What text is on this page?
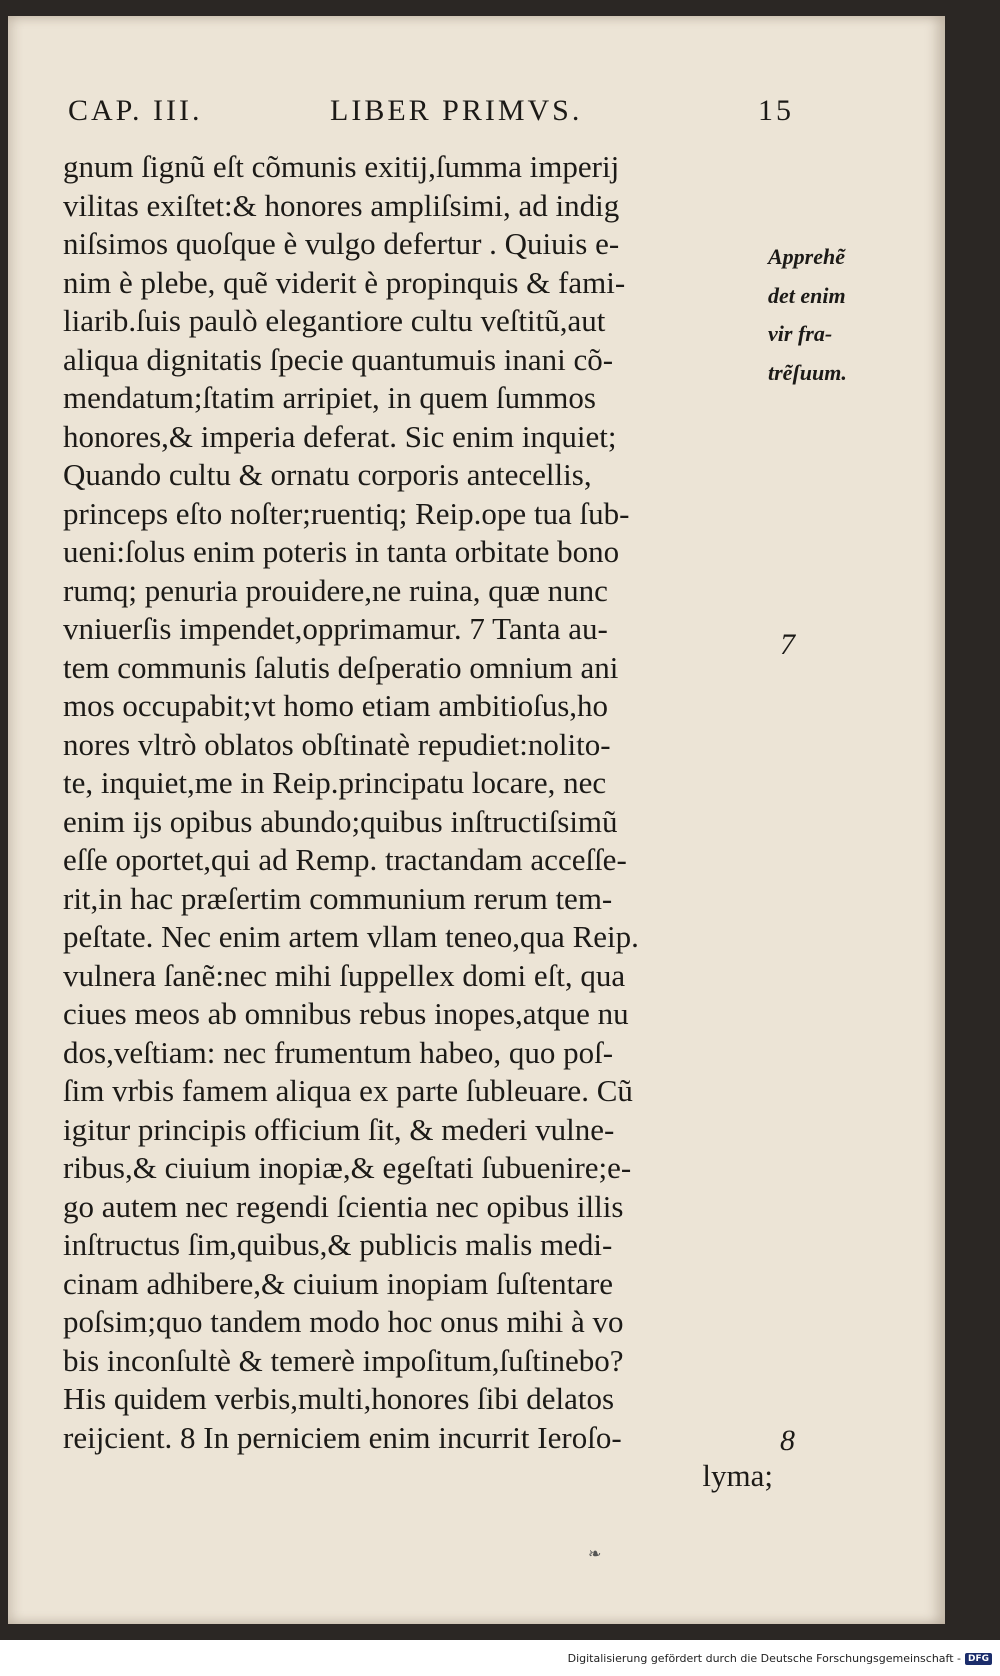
CAP. III.	LIBER PRIMVS.	15
gnum ſignũ eſt cõmunis exitij,ſumma imperij
vilitas exiſtet:& honores ampliſsimi, ad indig
niſsimos quoſque è vulgo defertur . Quiuis e-
nim è plebe, quẽ viderit è propinquis & fami-
liarib.ſuis paulò elegantiore cultu veſtitũ,aut
aliqua dignitatis ſpecie quantumuis inani cõ-
mendatum;ſtatim arripiet, in quem ſummos
honores,& imperia deferat. Sic enim inquiet;
Quando cultu & ornatu corporis antecellis,
princeps eſto noſter;ruentiq; Reip.ope tua ſub-
ueni:ſolus enim poteris in tanta orbitate bono
rumq; penuria prouidere,ne ruina, quæ nunc
vniuerſis impendet,opprimamur. 7 Tanta au-
tem communis ſalutis deſperatio omnium ani
mos occupabit;vt homo etiam ambitioſus,ho
nores vltrò oblatos obſtinatè repudiet:nolito-
te, inquiet,me in Reip.principatu locare, nec
enim ijs opibus abundo;quibus inſtructiſsimũ
eſſe oportet,qui ad Remp. tractandam acceſſe-
rit,in hac præſertim communium rerum tem-
peſtate. Nec enim artem vllam teneo,qua Reip.
vulnera ſanẽ:nec mihi ſuppellex domi eſt, qua
ciues meos ab omnibus rebus inopes,atque nu
dos,veſtiam: nec frumentum habeo, quo poſ-
ſim vrbis famem aliqua ex parte ſubleuare. Cũ
igitur principis officium ſit, & mederi vulne-
ribus,& ciuium inopiæ,& egeſtati ſubuenire;e-
go autem nec regendi ſcientia nec opibus illis
inſtructus ſim,quibus,& publicis malis medi-
cinam adhibere,& ciuium inopiam ſuſtentare
poſsim;quo tandem modo hoc onus mihi à vo
bis inconſultè & temerè impoſitum,ſuſtinebo?
His quidem verbis,multi,honores ſibi delatos
reijcient. 8 In perniciem enim incurrit Ieroſo-
lyma;
Apprehẽ
det enim
vir fra-
trẽſuum.
7
8
❧
Digitalisierung gefördert durch die Deutsche Forschungsgemeinschaft - DFG
